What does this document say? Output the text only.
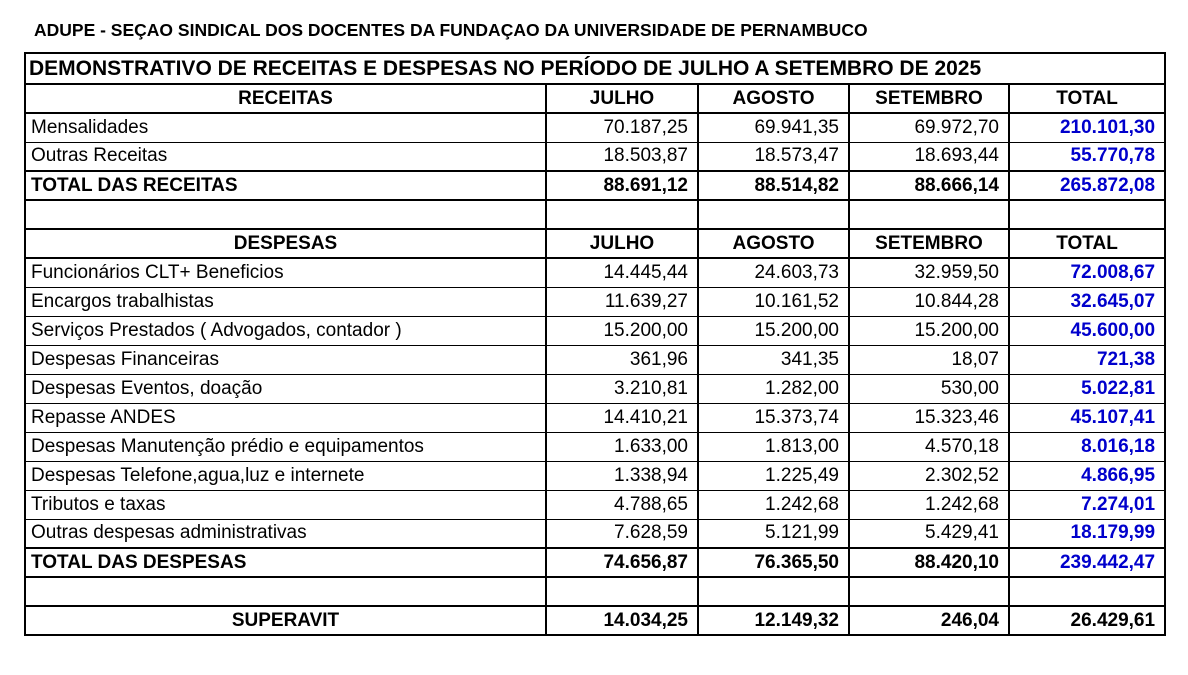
ADUPE - SEÇAO SINDICAL DOS DOCENTES DA FUNDAÇAO DA UNIVERSIDADE DE PERNAMBUCO
DEMONSTRATIVO DE RECEITAS E DESPESAS NO PERÍODO DE JULHO A SETEMBRO DE 2025				
RECEITAS	JULHO	AGOSTO	SETEMBRO	TOTAL
Mensalidades	70.187,25	69.941,35	69.972,70	210.101,30
Outras Receitas	18.503,87	18.573,47	18.693,44	55.770,78
TOTAL DAS RECEITAS	88.691,12	88.514,82	88.666,14	265.872,08

DESPESAS	JULHO	AGOSTO	SETEMBRO	TOTAL
Funcionários CLT+ Beneficios	14.445,44	24.603,73	32.959,50	72.008,67
Encargos trabalhistas	11.639,27	10.161,52	10.844,28	32.645,07
Serviços Prestados ( Advogados, contador )	15.200,00	15.200,00	15.200,00	45.600,00
Despesas Financeiras	361,96	341,35	18,07	721,38
Despesas Eventos, doação	3.210,81	1.282,00	530,00	5.022,81
Repasse ANDES	14.410,21	15.373,74	15.323,46	45.107,41
Despesas Manutenção prédio e equipamentos	1.633,00	1.813,00	4.570,18	8.016,18
Despesas Telefone,agua,luz e internete	1.338,94	1.225,49	2.302,52	4.866,95
Tributos e taxas	4.788,65	1.242,68	1.242,68	7.274,01
Outras despesas administrativas	7.628,59	5.121,99	5.429,41	18.179,99
TOTAL DAS DESPESAS	74.656,87	76.365,50	88.420,10	239.442,47

SUPERAVIT	14.034,25	12.149,32	246,04	26.429,61
